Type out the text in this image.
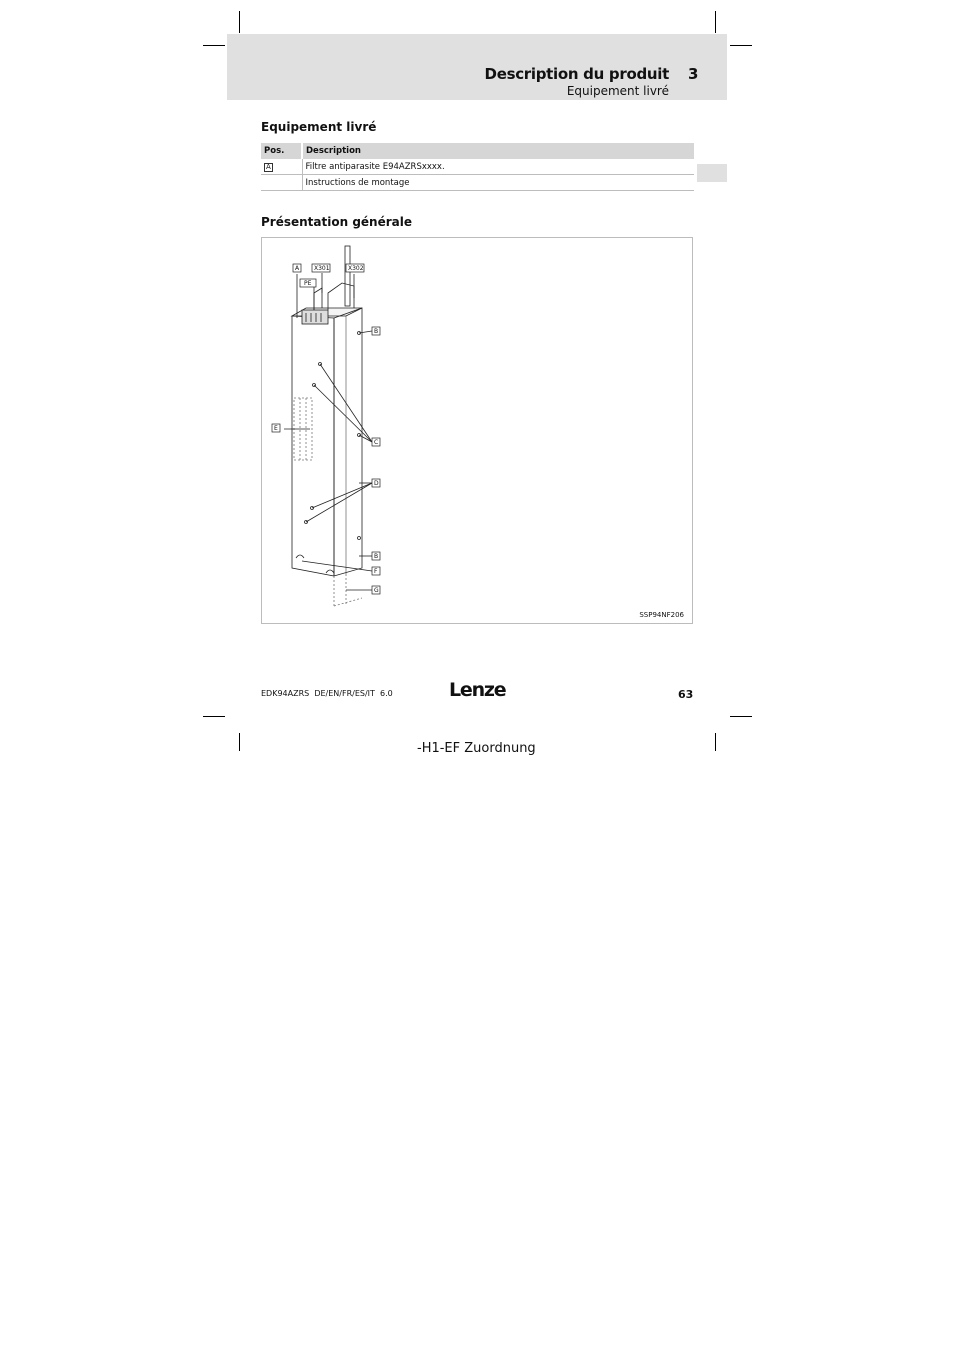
Description du produit 3
Equipement livré
Equipement livré
Pos.	Description
A	Filtre antiparasite E94AZRSxxxx.
	Instructions de montage
Présentation générale
X301	X302
PE
A
B
C
D
E
B
F
G
SSP94NF206
EDK94AZRS  DE/EN/FR/ES/IT  6.0	Lenze	63
-H1-EF Zuordnung
